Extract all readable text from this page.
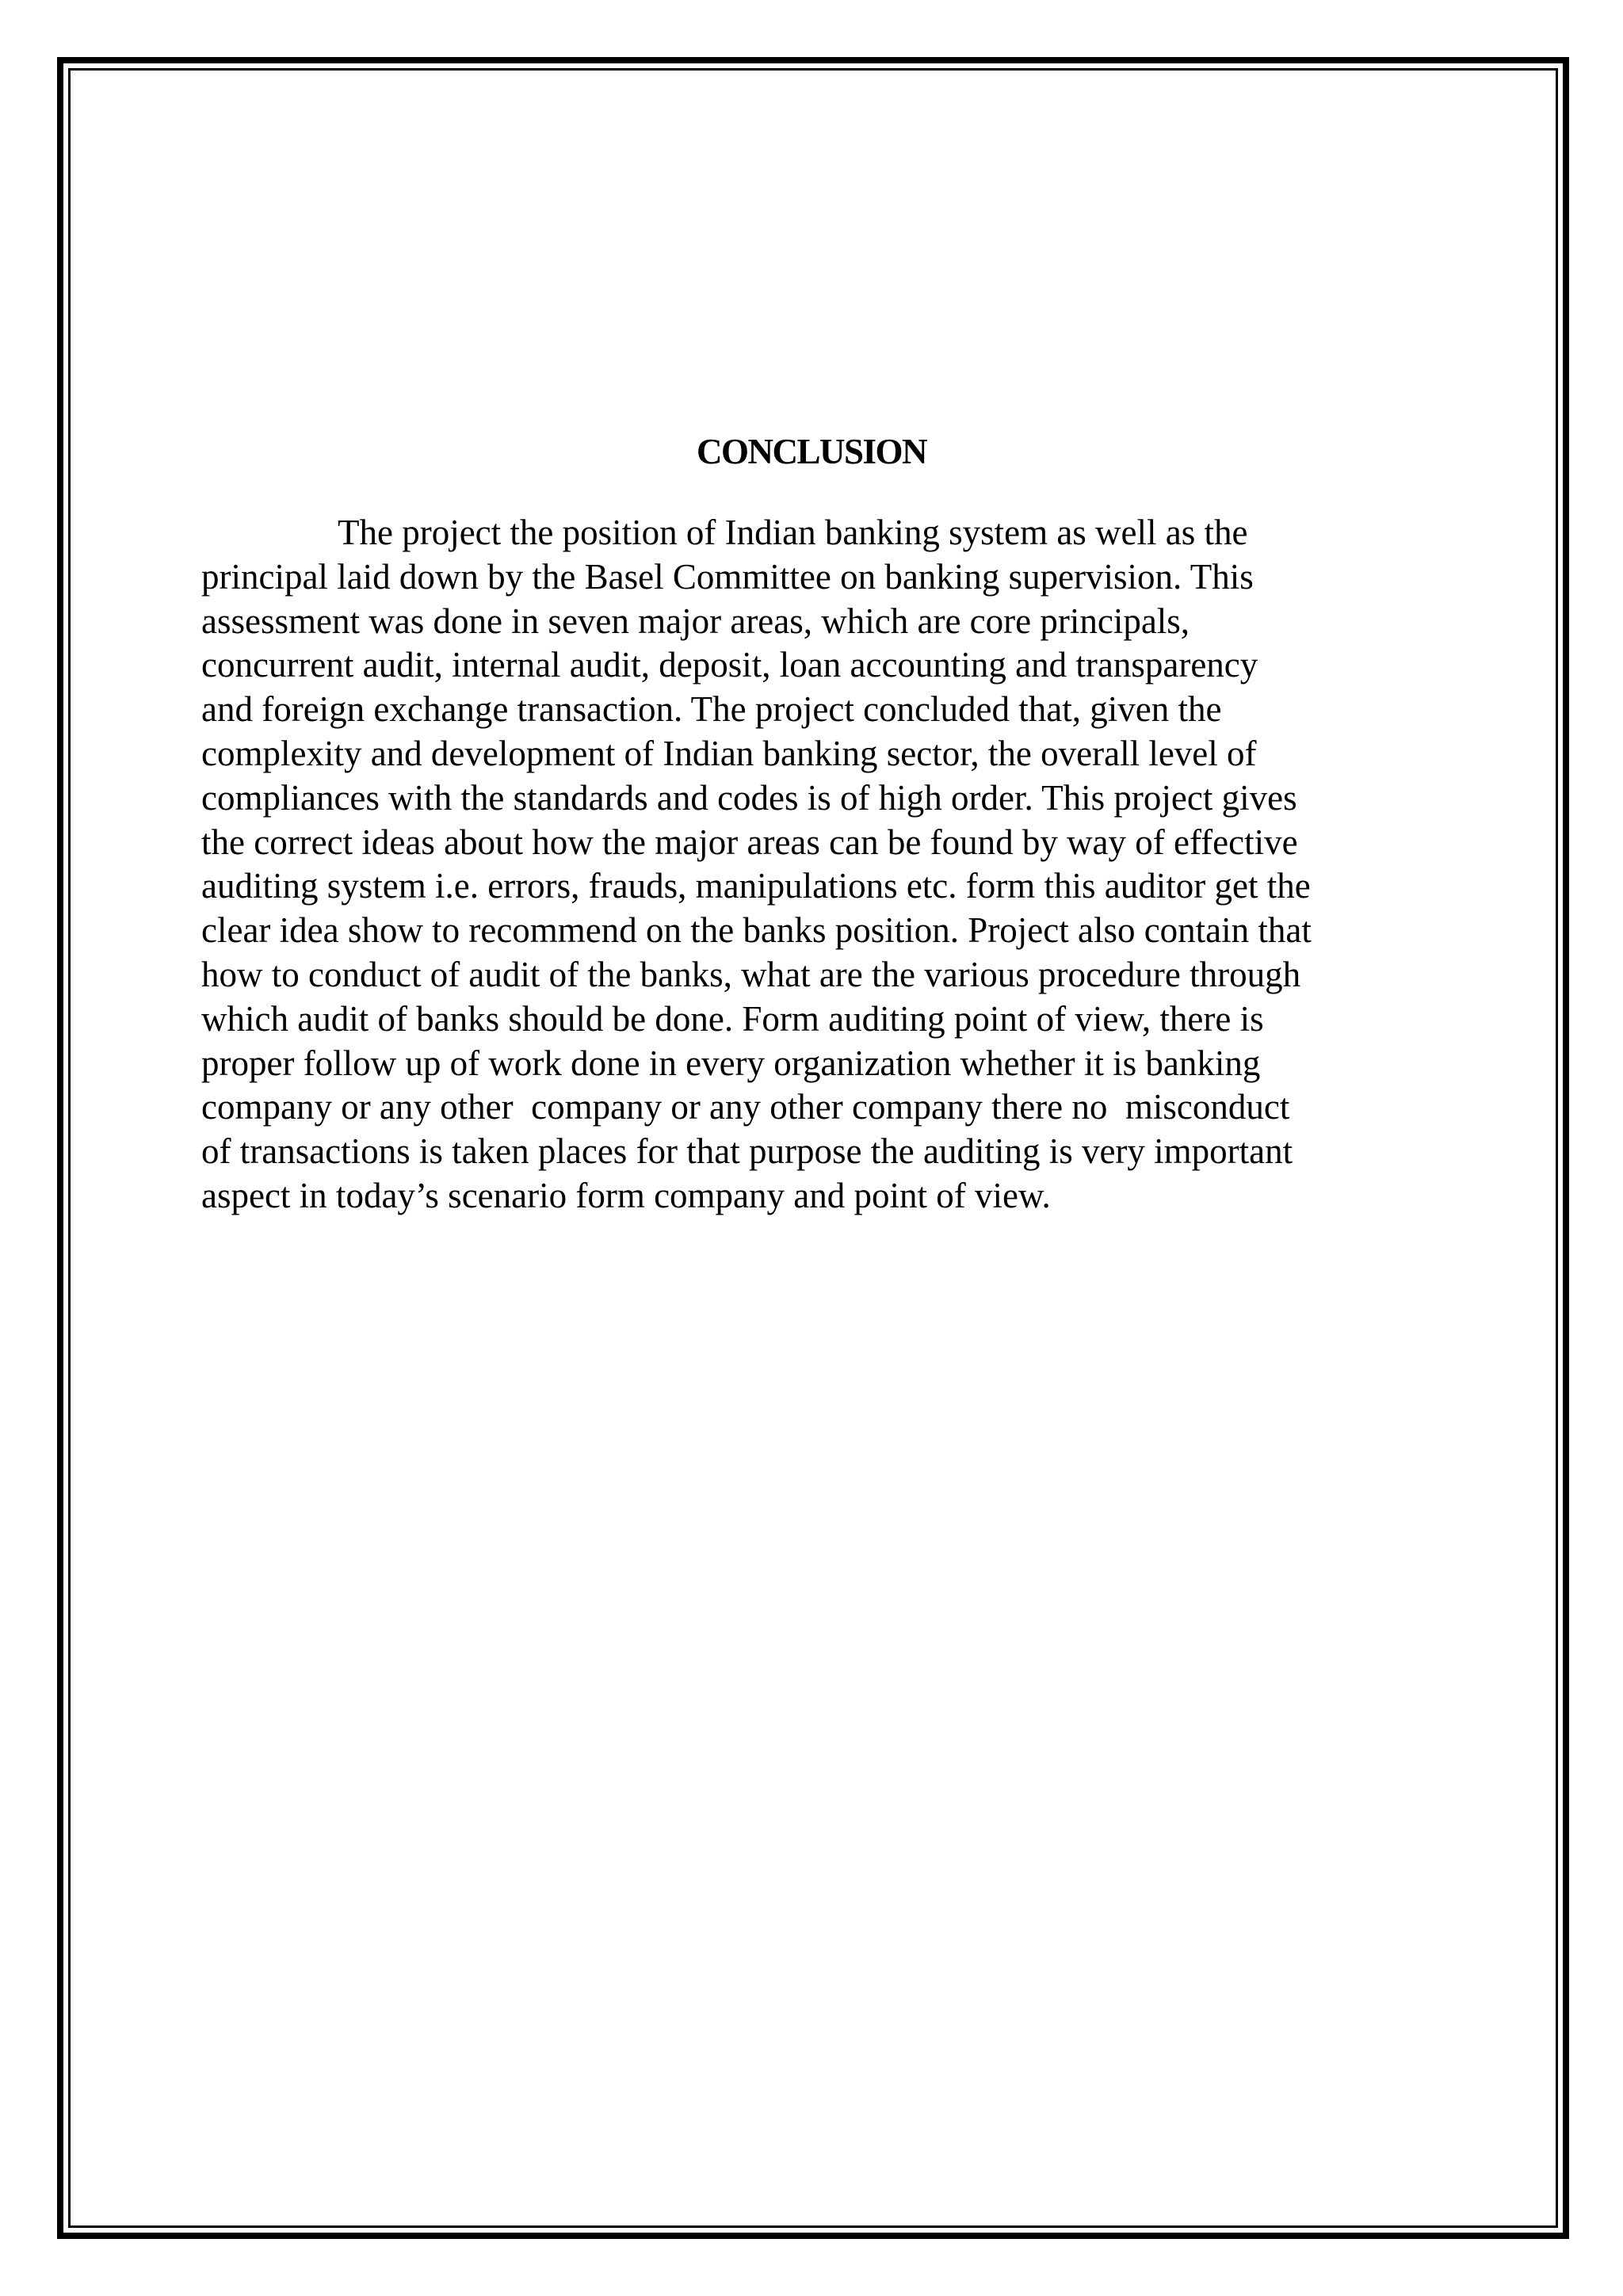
CONCLUSION
The project the position of Indian banking system as well as the
principal laid down by the Basel Committee on banking supervision. This
assessment was done in seven major areas, which are core principals,
concurrent audit, internal audit, deposit, loan accounting and transparency
and foreign exchange transaction. The project concluded that, given the
complexity and development of Indian banking sector, the overall level of
compliances with the standards and codes is of high order. This project gives
the correct ideas about how the major areas can be found by way of effective
auditing system i.e. errors, frauds, manipulations etc. form this auditor get the
clear idea show to recommend on the banks position. Project also contain that
how to conduct of audit of the banks, what are the various procedure through
which audit of banks should be done. Form auditing point of view, there is
proper follow up of work done in every organization whether it is banking
company or any other  company or any other company there no  misconduct
of transactions is taken places for that purpose the auditing is very important
aspect in today’s scenario form company and point of view.
